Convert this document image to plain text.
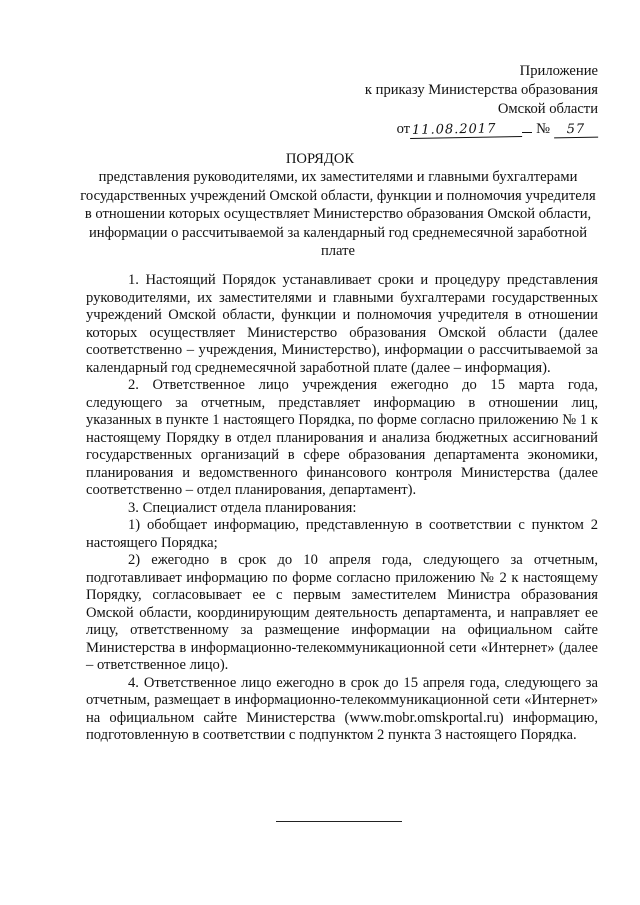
Приложение
к приказу Министерства образования
Омской области
от 11.08.2017	№	57
ПОРЯДОК
представления руководителями, их заместителями и главными бухгалтерами государственных учреждений Омской области, функции и полномочия учредителя в отношении которых осуществляет Министерство образования Омской области, информации о рассчитываемой за календарный год среднемесячной заработной плате

1. Настоящий Порядок устанавливает сроки и процедуру представления руководителями, их заместителями и главными бухгалтерами государственных учреждений Омской области, функции и полномочия учредителя в отношении которых осуществляет Министерство образования Омской области (далее соответственно – учреждения, Министерство), информации о рассчитываемой за календарный год среднемесячной заработной плате (далее – информация).

2. Ответственное лицо учреждения ежегодно до 15 марта года, следующего за отчетным, представляет информацию в отношении лиц, указанных в пункте 1 настоящего Порядка, по форме согласно приложению № 1 к настоящему Порядку в отдел планирования и анализа бюджетных ассигнований государственных организаций в сфере образования департамента экономики, планирования и ведомственного финансового контроля Министерства (далее соответственно – отдел планирования, департамент).

3. Специалист отдела планирования:

1) обобщает информацию, представленную в соответствии с пунктом 2 настоящего Порядка;

2) ежегодно в срок до 10 апреля года, следующего за отчетным, подготавливает информацию по форме согласно приложению № 2 к настоящему Порядку, согласовывает ее с первым заместителем Министра образования Омской области, координирующим деятельность департамента, и направляет ее лицу, ответственному за размещение информации на официальном сайте Министерства в информационно-телекоммуникационной сети «Интернет» (далее – ответственное лицо).

4. Ответственное лицо ежегодно в срок до 15 апреля года, следующего за отчетным, размещает в информационно-телекоммуникационной сети «Интернет» на официальном сайте Министерства (www.mobr.omskportal.ru) информацию, подготовленную в соответствии с подпунктом 2 пункта 3 настоящего Порядка.
